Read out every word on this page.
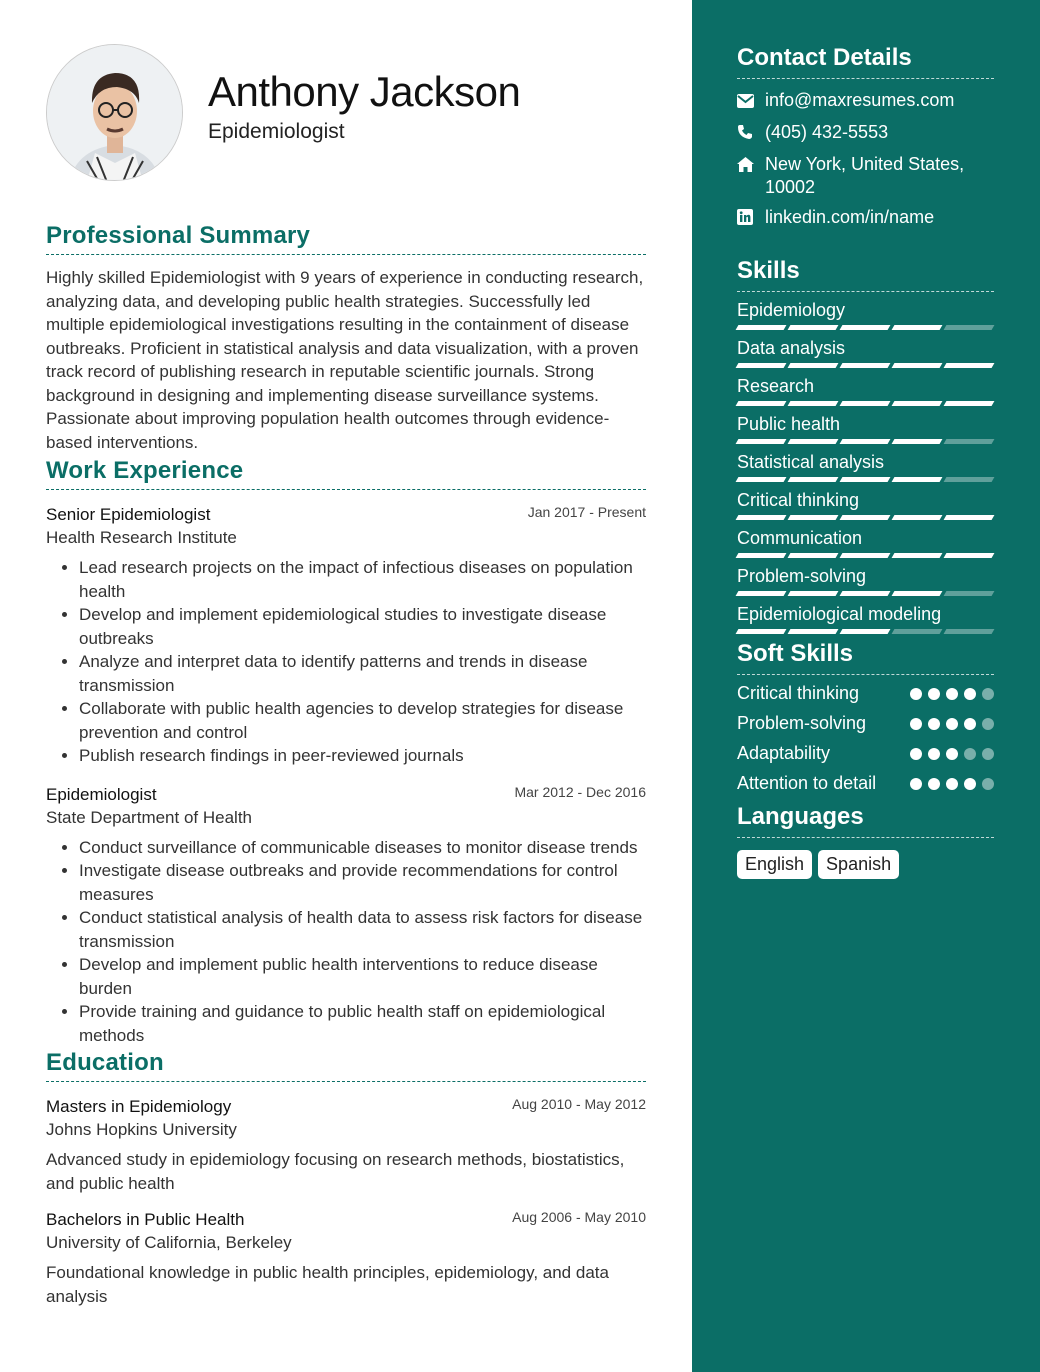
Anthony Jackson
Epidemiologist
Professional Summary

Highly skilled Epidemiologist with 9 years of experience in conducting research, analyzing data, and developing public health strategies. Successfully led multiple epidemiological investigations resulting in the containment of disease outbreaks. Proficient in statistical analysis and data visualization, with a proven track record of publishing research in reputable scientific journals. Strong background in designing and implementing disease surveillance systems. Passionate about improving population health outcomes through evidence-based interventions.

Work Experience
Senior Epidemiologist	Jan 2017 - Present
Health Research Institute
• Lead research projects on the impact of infectious diseases on population health
• Develop and implement epidemiological studies to investigate disease outbreaks
• Analyze and interpret data to identify patterns and trends in disease transmission
• Collaborate with public health agencies to develop strategies for disease prevention and control
• Publish research findings in peer-reviewed journals
Epidemiologist	Mar 2012 - Dec 2016
State Department of Health
• Conduct surveillance of communicable diseases to monitor disease trends
• Investigate disease outbreaks and provide recommendations for control measures
• Conduct statistical analysis of health data to assess risk factors for disease transmission
• Develop and implement public health interventions to reduce disease burden
• Provide training and guidance to public health staff on epidemiological methods
Education
Masters in Epidemiology	Aug 2010 - May 2012
Johns Hopkins University

Advanced study in epidemiology focusing on research methods, biostatistics, and public health

Bachelors in Public Health	Aug 2006 - May 2010
University of California, Berkeley

Foundational knowledge in public health principles, epidemiology, and data analysis

Contact Details
info@maxresumes.com
(405) 432-5553
New York, United States, 10002
linkedin.com/in/name
Skills
Epidemiology
Data analysis
Research
Public health
Statistical analysis
Critical thinking
Communication
Problem-solving
Epidemiological modeling
Soft Skills
Critical thinking
Problem-solving
Adaptability
Attention to detail
Languages
English	Spanish
